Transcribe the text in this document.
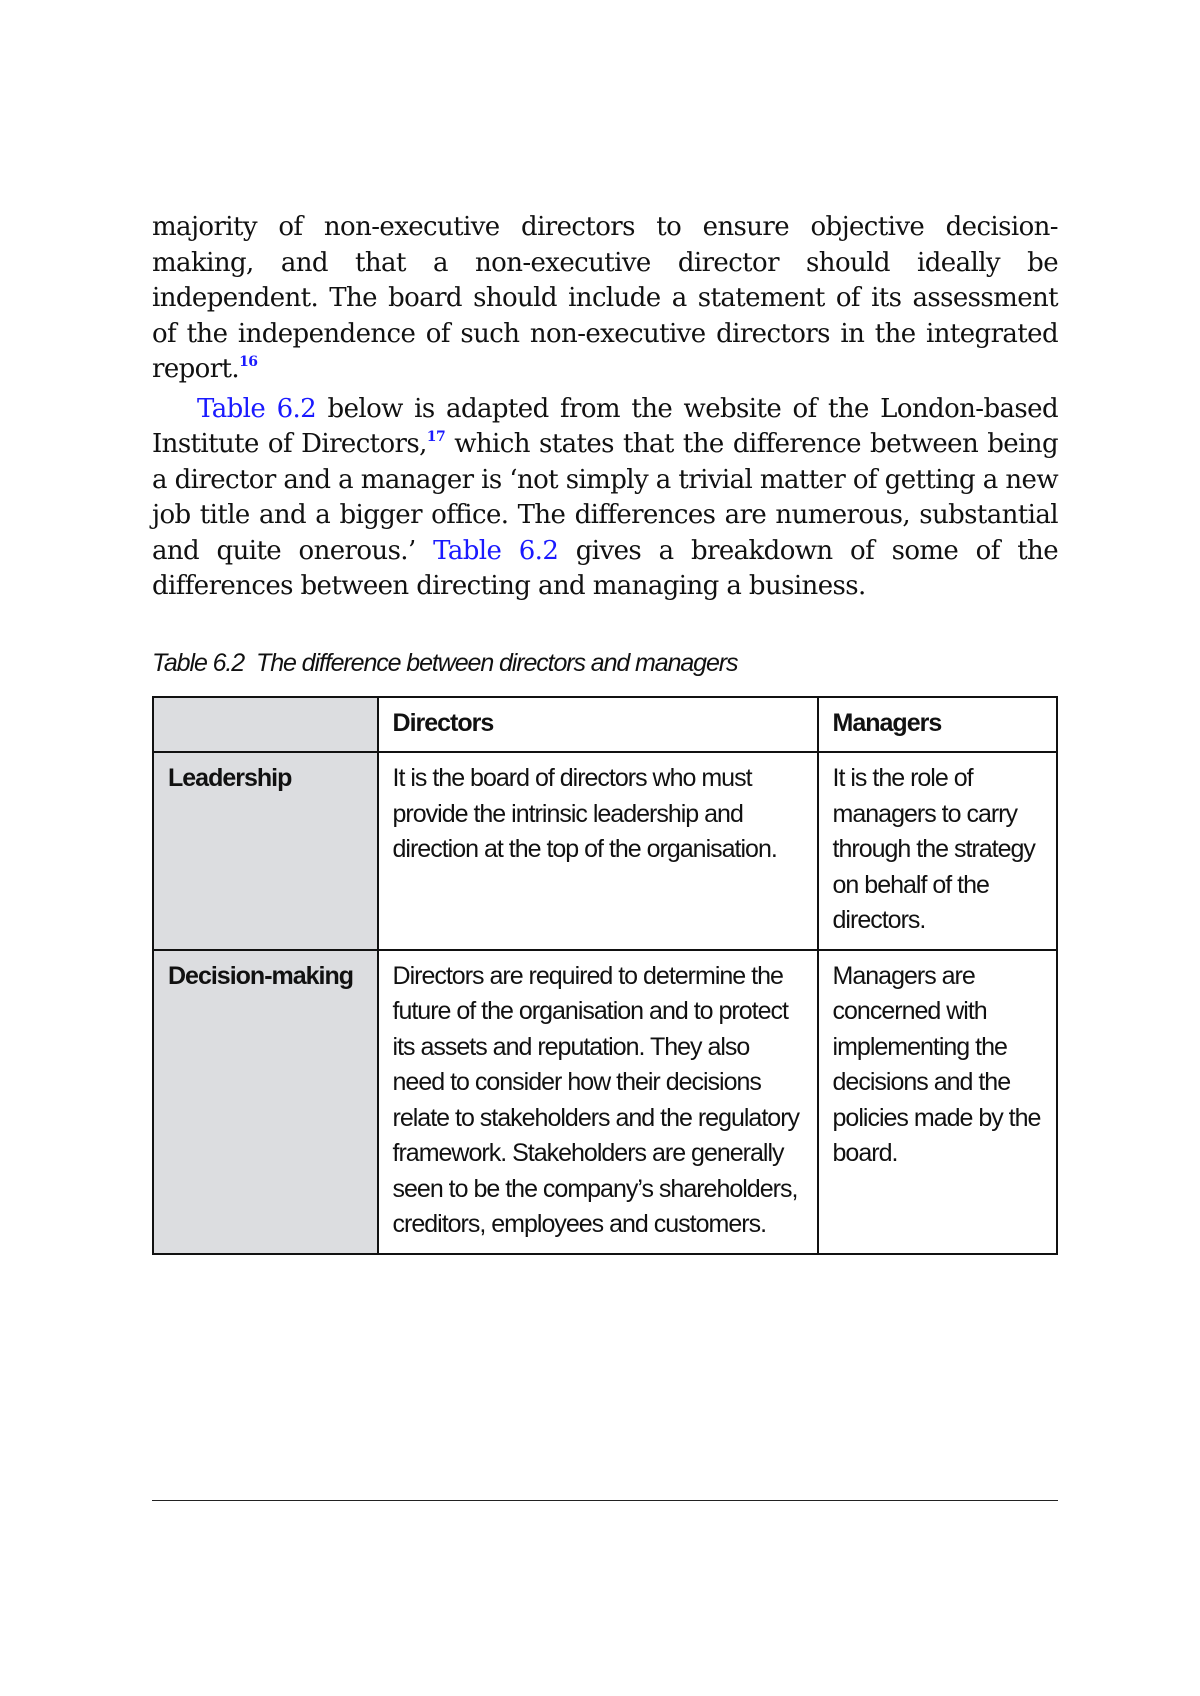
majority of non-executive directors to ensure objective decision-making, and that a non-executive director should ideally be independent. The board should include a statement of its assessment of the independence of such non-executive directors in the integrated report.$^{16}$

Table 6.2 below is adapted from the website of the London-based Institute of Directors,$^{17}$ which states that the difference between being a director and a manager is ‘not simply a trivial matter of getting a new job title and a bigger office. The differences are numerous, substantial and quite onerous.’ Table 6.2 gives a breakdown of some of the differences between directing and managing a business.

Table 6.2 The difference between directors and managers
	Directors	Managers
Leadership	It is the board of directors who must provide the intrinsic leadership and direction at the top of the organisation.	It is the role of managers to carry through the strategy on behalf of the directors.
Decision-making	Directors are required to determine the future of the organisation and to protect its assets and reputation. They also need to consider how their decisions relate to stakeholders and the regulatory framework. Stakeholders are generally seen to be the company’s shareholders, creditors, employees and customers.	Managers are concerned with implementing the decisions and the policies made by the board.
